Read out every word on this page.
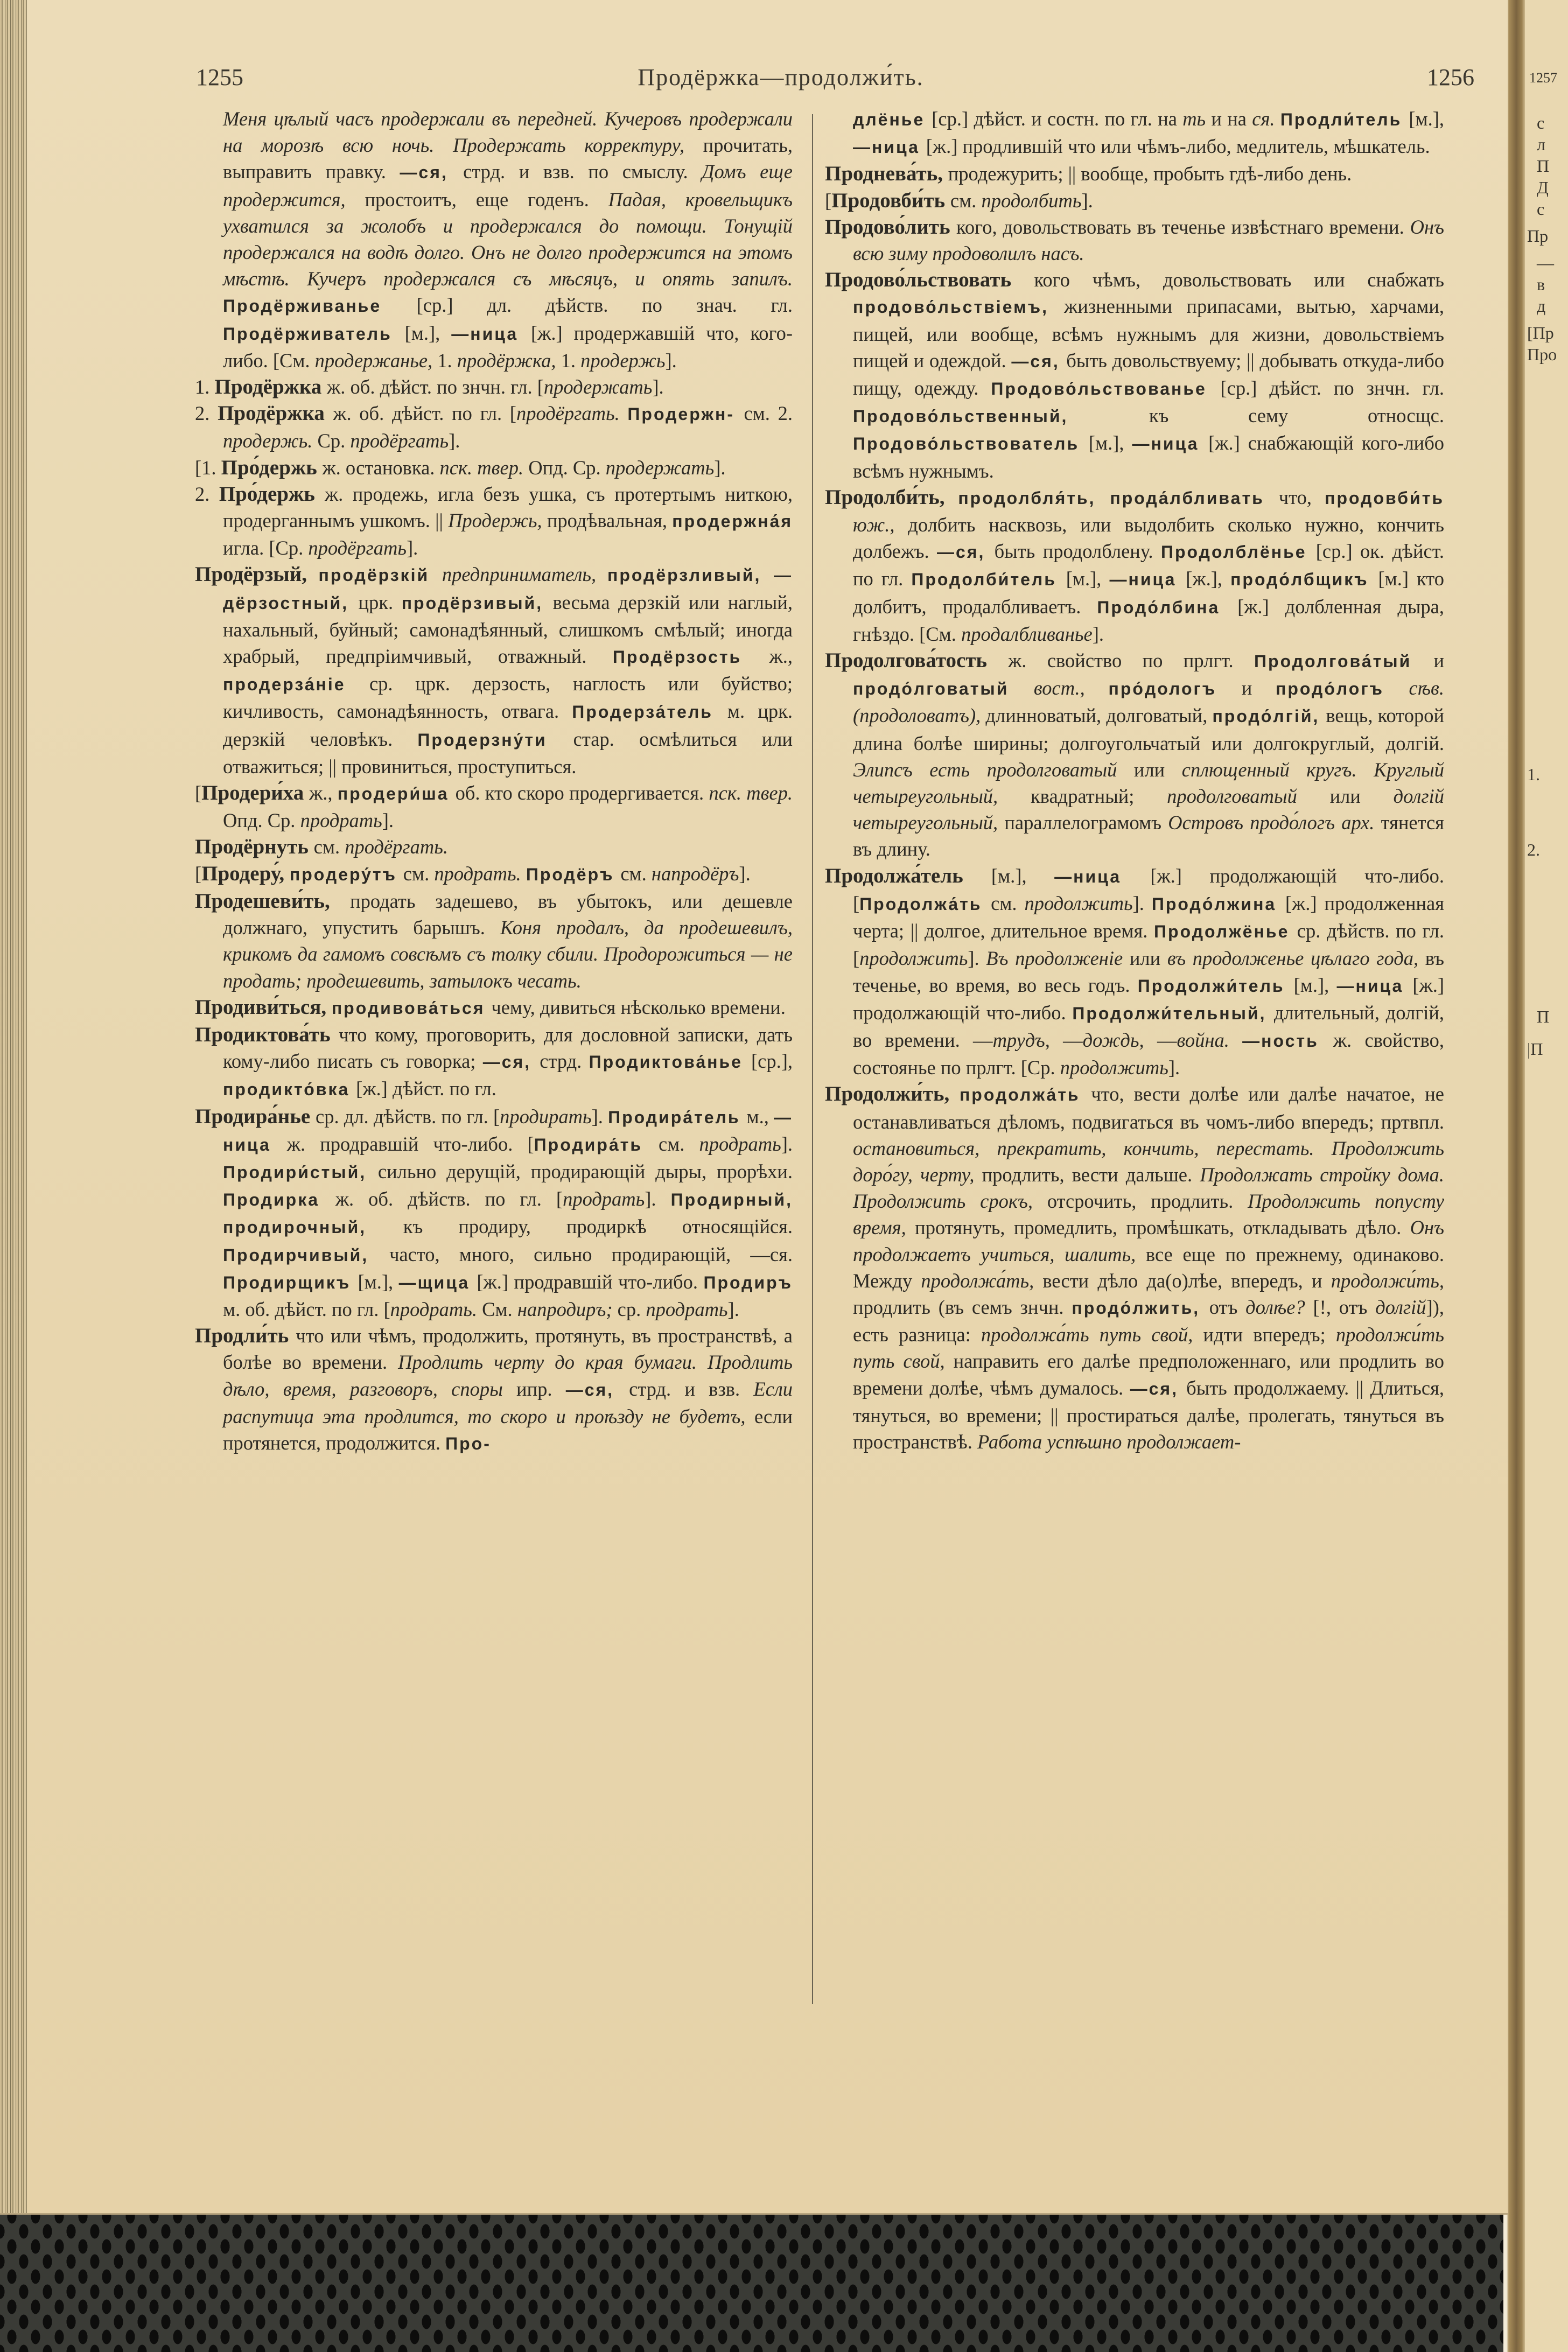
1257
с
л
П
Д
с
Пр
—
в
д
[Пр
Про
1.
2.
П
|П
1255	Продёржка—продолжи́ть.	1256

Меня цѣлый часъ продержали въ передней. Кучеровъ продержали на морозѣ всю ночь. Продержать корректуру, прочитать, выправить правку. —ся, стрд. и взв. по смыслу. Домъ еще продержится, простоитъ, еще годенъ. Падая, кровельщикъ ухватился за жолобъ и продержался до помощи. Тонущій продержался на водѣ долго. Онъ не долго продержится на этомъ мѣстѣ. Кучеръ продержался съ мѣсяцъ, и опять запилъ. Продёрживанье [ср.] дл. дѣйств. по знач. гл. Продёрживатель [м.], —ница [ж.] продержавшій что, кого-либо. [См. продержанье, 1. продёржка, 1. продержь].

1. Продёржка ж. об. дѣйст. по знчн. гл. [продержать].

2. Продёржка ж. об. дѣйст. по гл. [продёргать. Продержн- см. 2. продержь. Ср. продёргать].

[1. Про́держь ж. остановка. пск. твер. Опд. Ср. продержать].

2. Про́держь ж. продежь, игла безъ ушка, съ протертымъ ниткою, продерганнымъ ушкомъ. || Продержь, продѣвальная, продержна́я игла. [Ср. продёргать].

Продёрзый, продёрзкій предприниматель, продёрзливый, —дёрзостный, црк. продёрзивый, весьма дерзкій или наглый, нахальный, буйный; самонадѣянный, слишкомъ смѣлый; иногда храбрый, предпріимчивый, отважный. Продёрзость ж., продерза́ніе ср. црк. дерзость, наглость или буйство; кичливость, самонадѣянность, отвага. Продерза́тель м. црк. дерзкій человѣкъ. Продерзну́ти стар. осмѣлиться или отважиться; || провиниться, проступиться.

[Продери́ха ж., продери́ша об. кто скоро продергивается. пск. твер. Опд. Ср. продрать].

Продёрнуть см. продёргать.

[Продеру́, продеру́тъ см. продрать. Продёръ см. напродёръ].

Продешеви́ть, продать задешево, въ убытокъ, или дешевле должнаго, упустить барышъ. Коня продалъ, да продешевилъ, крикомъ да гамомъ совсѣмъ съ толку сбили. Продорожиться — не продать; продешевить, затылокъ чесать.

Продиви́ться, продивова́ться чему, дивиться нѣсколько времени.

Продиктова́ть что кому, проговорить, для дословной записки, дать кому-либо писать съ говорка; —ся, стрд. Продиктова́нье [ср.], продикто́вка [ж.] дѣйст. по гл.

Продира́нье ср. дл. дѣйств. по гл. [продирать]. Продира́тель м., —ница ж. продравшій что-либо. [Продира́ть см. продрать]. Продири́стый, сильно дерущій, продирающій дыры, прорѣхи. Продирка ж. об. дѣйств. по гл. [продрать]. Продирный, продирочный, къ продиру, продиркѣ относящійся. Продирчивый, часто, много, сильно продирающій, —ся. Продирщикъ [м.], —щица [ж.] продравшій что-либо. Продиръ м. об. дѣйст. по гл. [продрать. См. напродиръ; ср. продрать].

Продли́ть что или чѣмъ, продолжить, протянуть, въ пространствѣ, а болѣе во времени. Продлить черту до края бумаги. Продлить дѣло, время, разговоръ, споры ипр. —ся, стрд. и взв. Если распутица эта продлится, то скоро и проѣзду не будетъ, если протянется, продолжится. Про-

длёнье [ср.] дѣйст. и состн. по гл. на ть и на ся. Продли́тель [м.], —ница [ж.] продлившій что или чѣмъ-либо, медлитель, мѣшкатель.

Проднева́ть, продежурить; || вообще, пробыть гдѣ-либо день.

[Продовби́ть см. продолбить].

Продово́лить кого, довольствовать въ теченье извѣстнаго времени. Онъ всю зиму продоволилъ насъ.

Продово́льствовать кого чѣмъ, довольствовать или снабжать продово́льствіемъ, жизненными припасами, вытью, харчами, пищей, или вообще, всѣмъ нужнымъ для жизни, довольствіемъ пищей и одеждой. —ся, быть довольствуему; || добывать откуда-либо пищу, одежду. Продово́льствованье [ср.] дѣйст. по знчн. гл. Продово́льственный, къ сему относщс. Продово́льствователь [м.], —ница [ж.] снабжающій кого-либо всѣмъ нужнымъ.

Продолби́ть, продолбля́ть, прода́лбливать что, продовби́ть юж., долбить насквозь, или выдолбить сколько нужно, кончить долбежъ. —ся, быть продолблену. Продолблёнье [ср.] ок. дѣйст. по гл. Продолби́тель [м.], —ница [ж.], продо́лбщикъ [м.] кто долбитъ, продалбливаетъ. Продо́лбина [ж.] долбленная дыра, гнѣздо. [См. продалбливанье].

Продолгова́тость ж. свойство по прлгт. Продолгова́тый и продо́лговатый вост., про́дологъ и продо́логъ сѣв. (продоловатъ), длинноватый, долговатый, продо́лгій, вещь, которой длина болѣе ширины; долгоугольчатый или долгокруглый, долгій. Элипсъ есть продолговатый или сплющенный кругъ. Круглый четыреугольный, квадратный; продолговатый или долгій четыреугольный, параллелограмомъ Островъ продо́логъ арх. тянется въ длину.

Продолжа́тель [м.], —ница [ж.] продолжающій что-либо. [Продолжа́ть см. продолжить]. Продо́лжина [ж.] продолженная черта; || долгое, длительное время. Продолжёнье ср. дѣйств. по гл. [продолжить]. Въ продолженіе или въ продолженье цѣлаго года, въ теченье, во время, во весь годъ. Продолжи́тель [м.], —ница [ж.] продолжающій что-либо. Продолжи́тельный, длительный, долгій, во времени. —трудъ, —дождь, —война. —ность ж. свойство, состоянье по прлгт. [Ср. продолжить].

Продолжи́ть, продолжа́ть что, вести долѣе или далѣе начатое, не останавливаться дѣломъ, подвигаться въ чомъ-либо впередъ; пртвпл. остановиться, прекратить, кончить, перестать. Продолжить доро́гу, черту, продлить, вести дальше. Продолжать стройку дома. Продолжить срокъ, отсрочить, продлить. Продолжить попусту время, протянуть, промедлить, промѣшкать, откладывать дѣло. Онъ продолжаетъ учиться, шалить, все еще по прежнему, одинаково. Между продолжа́ть, вести дѣло да(о)лѣе, впередъ, и продолжи́ть, продлить (въ семъ знчн. продо́лжить, отъ долѣе? [!, отъ долгій]), есть разница: продолжа́ть путь свой, идти впередъ; продолжи́ть путь свой, направить его далѣе предположеннаго, или продлить во времени долѣе, чѣмъ думалось. —ся, быть продолжаему. || Длиться, тянуться, во времени; || простираться далѣе, пролегать, тянуться въ пространствѣ. Работа успѣшно продолжает-
